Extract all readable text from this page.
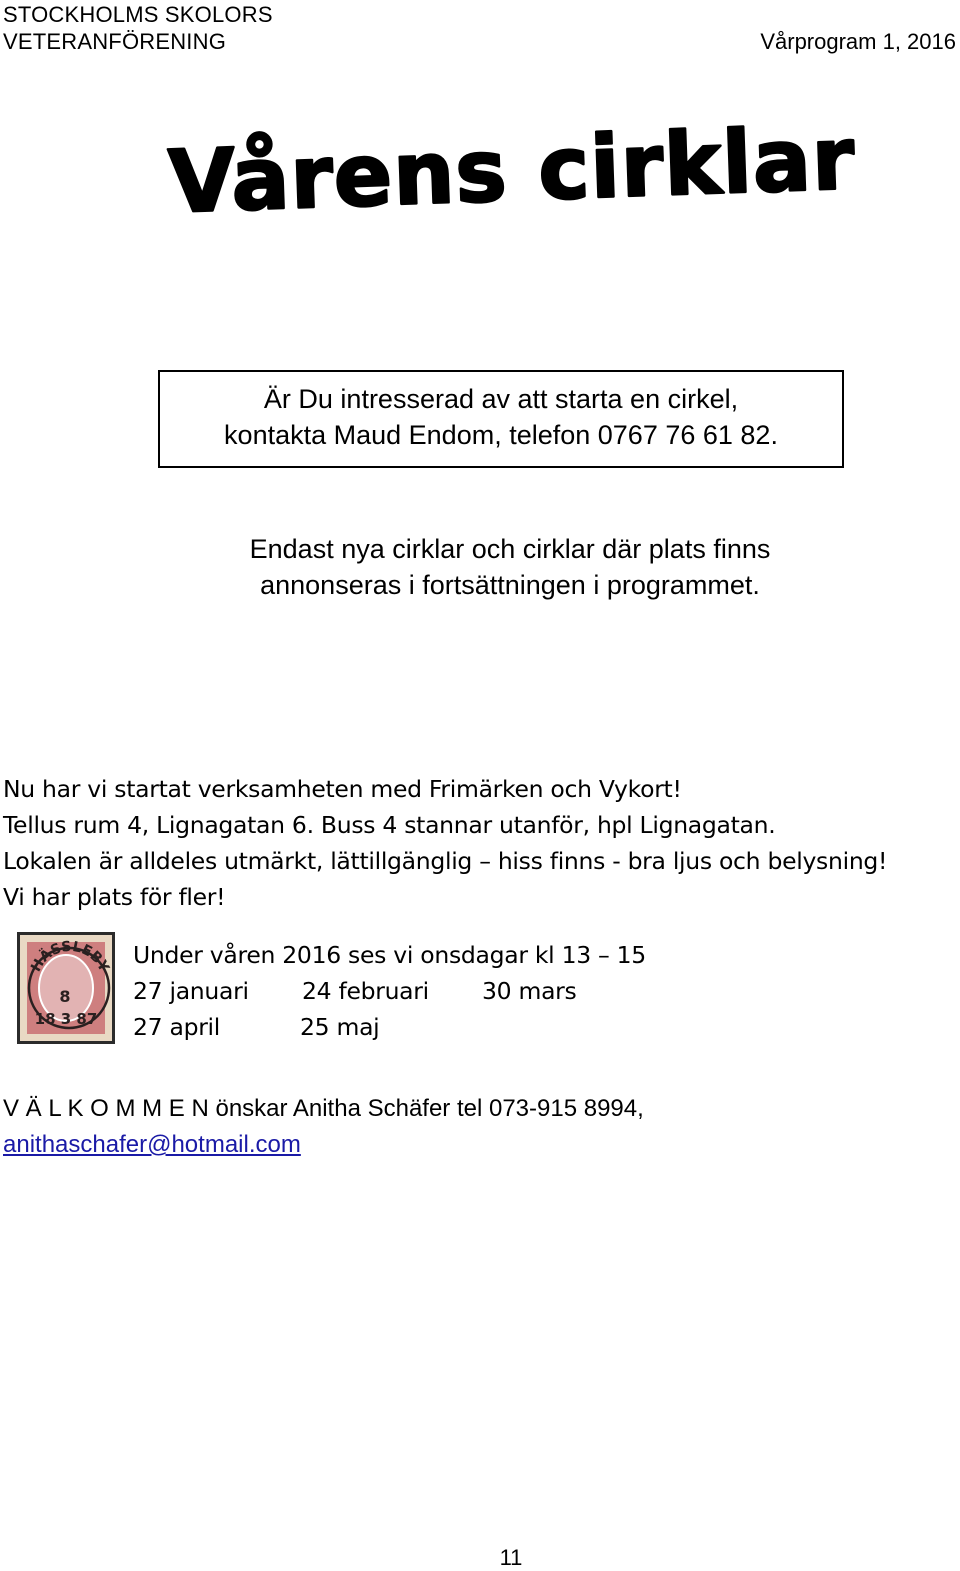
STOCKHOLMS SKOLORS
VETERANFÖRENING	Vårprogram 1, 2016
Vårens cirklar
Är Du intresserad av att starta en cirkel,
kontakta Maud Endom, telefon 0767 76 61 82.
Endast nya cirklar och cirklar där plats finns
annonseras i fortsättningen i programmet.
Nu har vi startat verksamheten med Frimärken och Vykort!
Tellus rum 4, Lignagatan 6. Buss 4 stannar utanför, hpl Lignagatan.
Lokalen är alldeles utmärkt, lättillgänglig – hiss finns - bra ljus och belysning!
Vi har plats för fler!
HÄSSLEBY
8
18 3 87
Under våren 2016 ses vi onsdagar kl 13 – 15
27 januari 24 februari 30 mars
27 april	25 maj
V Ä L K O M M E N önskar Anitha Schäfer tel 073-915 8994,
anithaschafer@hotmail.com
11
